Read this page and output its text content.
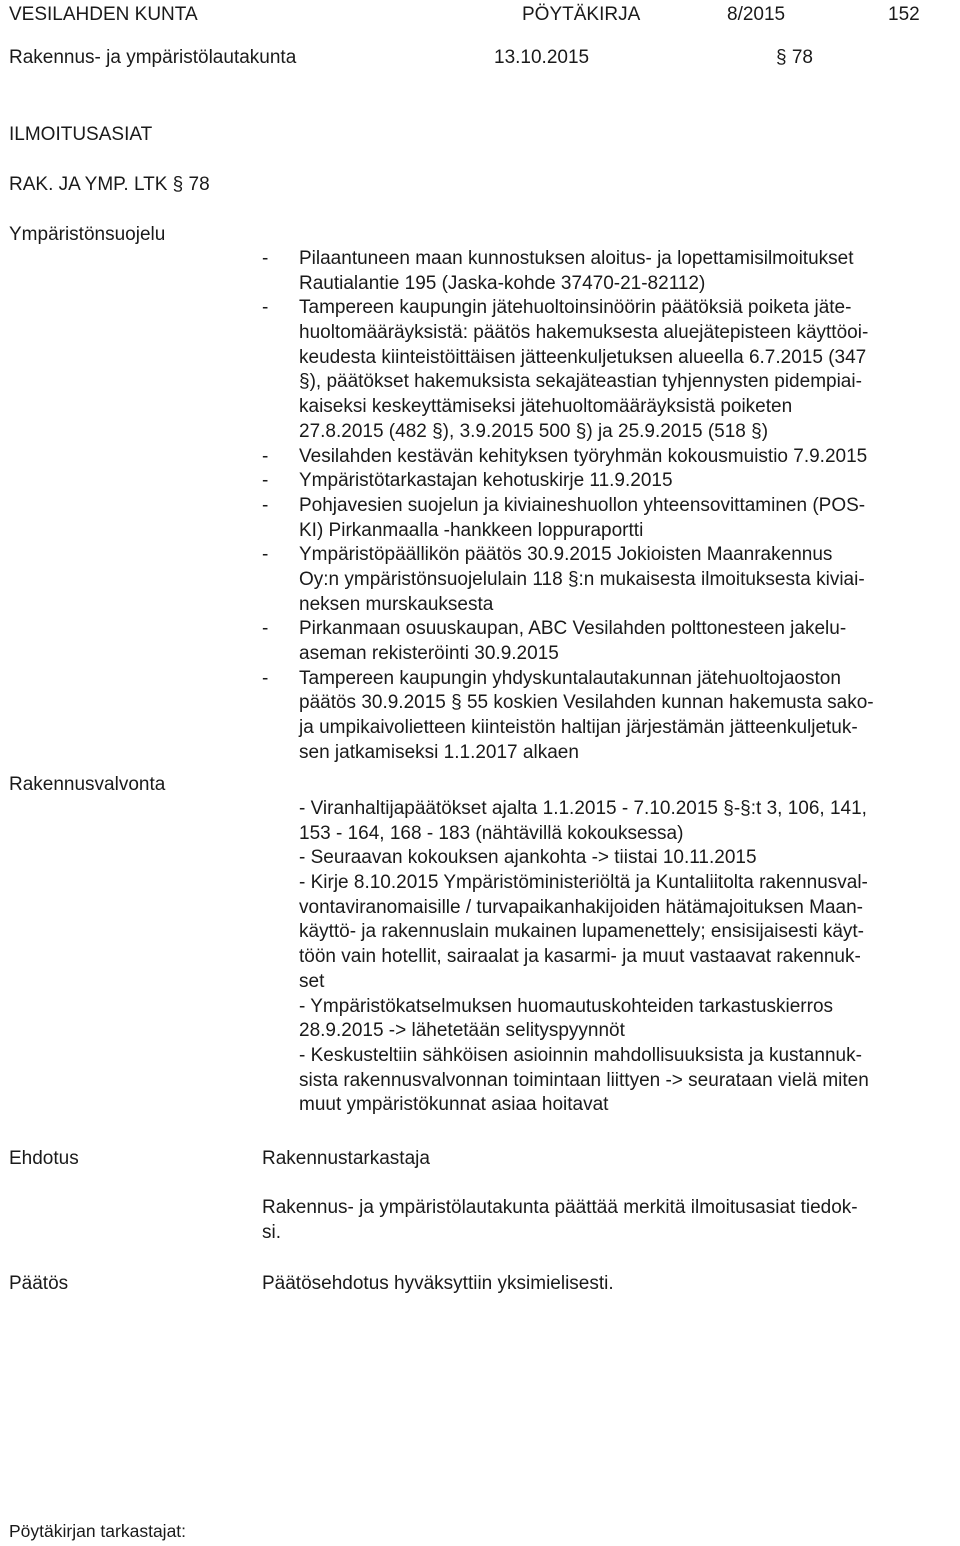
VESILAHDEN KUNTA	PÖYTÄKIRJA	8/2015	152
Rakennus- ja ympäristölautakunta	13.10.2015	§ 78
ILMOITUSASIAT
RAK. JA YMP. LTK § 78
Ympäristönsuojelu
- Pilaantuneen maan kunnostuksen aloitus- ja lopettamisilmoitukset
Rautialantie 195 (Jaska-kohde 37470-21-82112)
- Tampereen kaupungin jätehuoltoinsinöörin päätöksiä poiketa jäte-
huoltomääräyksistä: päätös hakemuksesta aluejätepisteen käyttöoi-
keudesta kiinteistöittäisen jätteenkuljetuksen alueella 6.7.2015 (347
§), päätökset hakemuksista sekajäteastian tyhjennysten pidempiai-
kaiseksi keskeyttämiseksi jätehuoltomääräyksistä poiketen
27.8.2015 (482 §), 3.9.2015 500 §) ja 25.9.2015 (518 §)
- Vesilahden kestävän kehityksen työryhmän kokousmuistio 7.9.2015
- Ympäristötarkastajan kehotuskirje 11.9.2015
- Pohjavesien suojelun ja kiviaineshuollon yhteensovittaminen (POS-
KI) Pirkanmaalla -hankkeen loppuraportti
- Ympäristöpäällikön päätös 30.9.2015 Jokioisten Maanrakennus
Oy:n ympäristönsuojelulain 118 §:n mukaisesta ilmoituksesta kiviai-
neksen murskauksesta
- Pirkanmaan osuuskaupan, ABC Vesilahden polttonesteen jakelu-
aseman rekisteröinti 30.9.2015
- Tampereen kaupungin yhdyskuntalautakunnan jätehuoltojaoston
päätös 30.9.2015 § 55 koskien Vesilahden kunnan hakemusta sako-
ja umpikaivolietteen kiinteistön haltijan järjestämän jätteenkuljetuk-
sen jatkamiseksi 1.1.2017 alkaen
Rakennusvalvonta
- Viranhaltijapäätökset ajalta 1.1.2015 - 7.10.2015 §-§:t 3, 106, 141,
153 - 164, 168 - 183 (nähtävillä kokouksessa)
- Seuraavan kokouksen ajankohta -> tiistai 10.11.2015
- Kirje 8.10.2015 Ympäristöministeriöltä ja Kuntaliitolta rakennusval-
vontaviranomaisille / turvapaikanhakijoiden hätämajoituksen Maan-
käyttö- ja rakennuslain mukainen lupamenettely; ensisijaisesti käyt-
töön vain hotellit, sairaalat ja kasarmi- ja muut vastaavat rakennuk-
set
- Ympäristökatselmuksen huomautuskohteiden tarkastuskierros
28.9.2015 -> lähetetään selityspyynnöt
- Keskusteltiin sähköisen asioinnin mahdollisuuksista ja kustannuk-
sista rakennusvalvonnan toimintaan liittyen -> seurataan vielä miten
muut ympäristökunnat asiaa hoitavat
Ehdotus	Rakennustarkastaja
Rakennus- ja ympäristölautakunta päättää merkitä ilmoitusasiat tiedok-
si.
Päätös	Päätösehdotus hyväksyttiin yksimielisesti.
Pöytäkirjan tarkastajat:
